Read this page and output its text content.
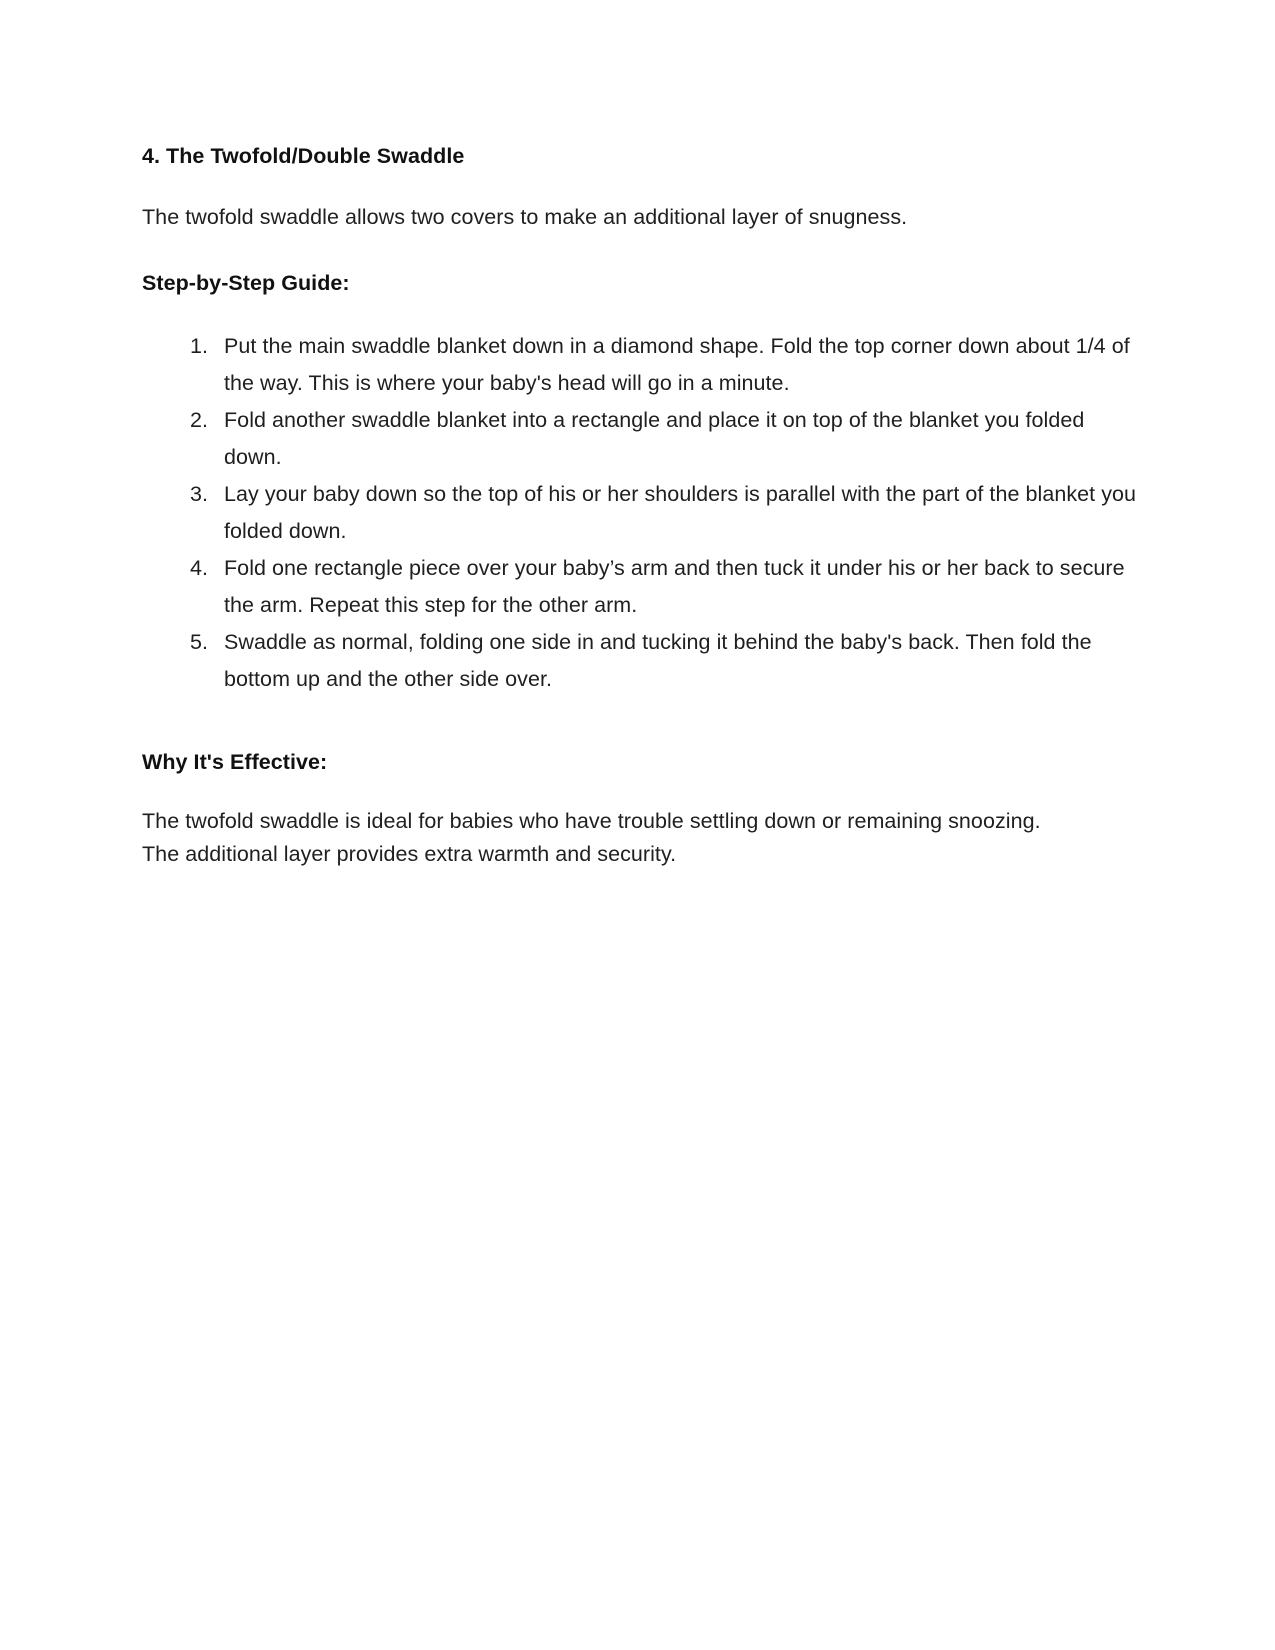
4. The Twofold/Double Swaddle

The twofold swaddle allows two covers to make an additional layer of snugness.

Step-by-Step Guide:
1. Put the main swaddle blanket down in a diamond shape. Fold the top corner down about 1/4 of the way. This is where your baby's head will go in a minute.
2. Fold another swaddle blanket into a rectangle and place it on top of the blanket you folded down.
3. Lay your baby down so the top of his or her shoulders is parallel with the part of the blanket you folded down.
4. Fold one rectangle piece over your baby’s arm and then tuck it under his or her back to secure the arm. Repeat this step for the other arm.
5. Swaddle as normal, folding one side in and tucking it behind the baby's back. Then fold the bottom up and the other side over.
Why It's Effective:

The twofold swaddle is ideal for babies who have trouble settling down or remaining snoozing. The additional layer provides extra warmth and security.
